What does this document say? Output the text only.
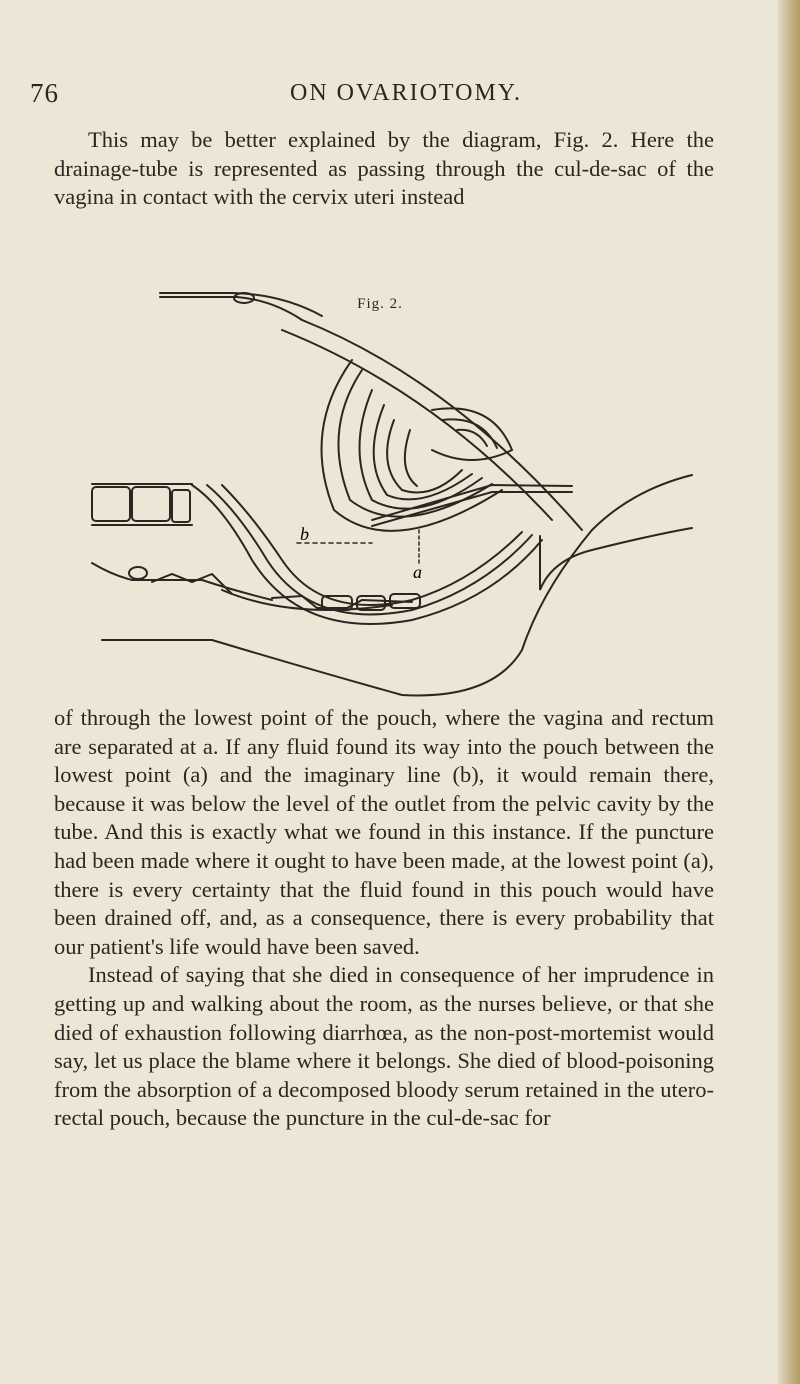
76	ON OVARIOTOMY.

This may be better explained by the diagram, Fig. 2. Here the drainage-tube is represented as passing through the cul-de-sac of the vagina in contact with the cervix uteri instead

Fig. 2.
b
a

of through the lowest point of the pouch, where the vagina and rectum are separated at a. If any fluid found its way into the pouch between the lowest point (a) and the imaginary line (b), it would remain there, because it was below the level of the outlet from the pelvic cavity by the tube. And this is exactly what we found in this instance. If the puncture had been made where it ought to have been made, at the lowest point (a), there is every certainty that the fluid found in this pouch would have been drained off, and, as a consequence, there is every probability that our patient's life would have been saved.

Instead of saying that she died in consequence of her imprudence in getting up and walking about the room, as the nurses believe, or that she died of exhaustion following diarrhœa, as the non-post-mortemist would say, let us place the blame where it belongs. She died of blood-poisoning from the absorption of a decomposed bloody serum retained in the utero-rectal pouch, because the puncture in the cul-de-sac for
